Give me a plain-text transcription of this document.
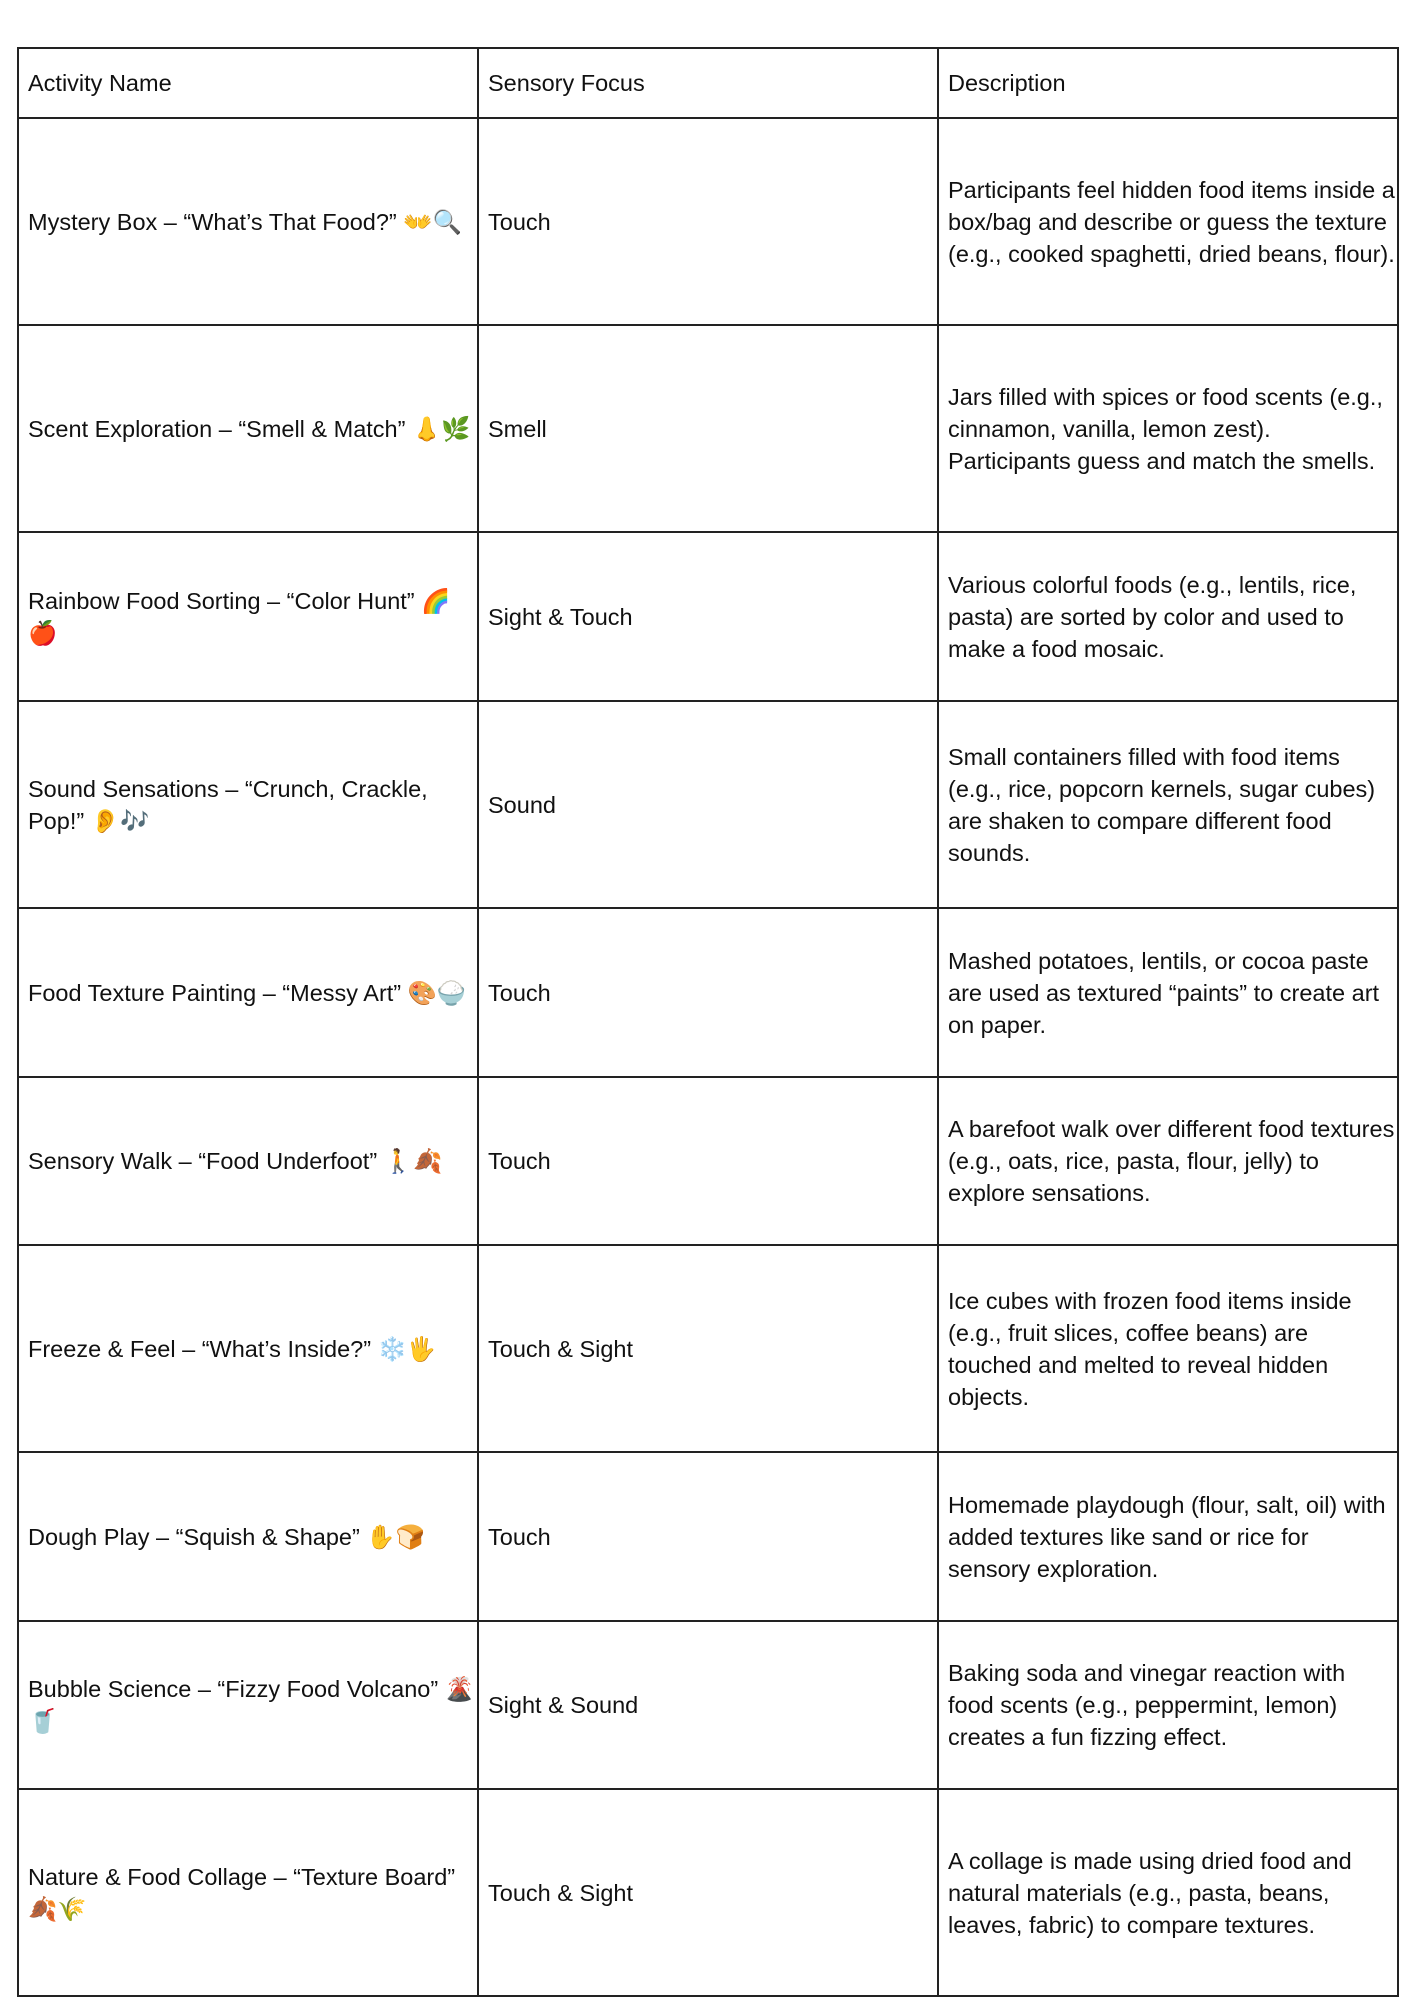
Activity Name	Sensory Focus	Description
Mystery Box – “What’s That Food?” 👐🔍	Touch	Participants feel hidden food items inside a box/bag and describe or guess the texture (e.g., cooked spaghetti, dried beans, flour).
Scent Exploration – “Smell & Match” 👃🌿	Smell	Jars filled with spices or food scents (e.g., cinnamon, vanilla, lemon zest). Participants guess and match the smells.
Rainbow Food Sorting – “Color Hunt” 🌈🍎	Sight & Touch	Various colorful foods (e.g., lentils, rice, pasta) are sorted by color and used to make a food mosaic.
Sound Sensations – “Crunch, Crackle, Pop!” 👂🎶	Sound	Small containers filled with food items (e.g., rice, popcorn kernels, sugar cubes) are shaken to compare different food sounds.
Food Texture Painting – “Messy Art” 🎨🍚	Touch	Mashed potatoes, lentils, or cocoa paste are used as textured “paints” to create art on paper.
Sensory Walk – “Food Underfoot” 🚶🍂	Touch	A barefoot walk over different food textures (e.g., oats, rice, pasta, flour, jelly) to explore sensations.
Freeze & Feel – “What’s Inside?” ❄️🖐	Touch & Sight	Ice cubes with frozen food items inside (e.g., fruit slices, coffee beans) are touched and melted to reveal hidden objects.
Dough Play – “Squish & Shape” ✋🍞	Touch	Homemade playdough (flour, salt, oil) with added textures like sand or rice for sensory exploration.
Bubble Science – “Fizzy Food Volcano” 🌋🥤	Sight & Sound	Baking soda and vinegar reaction with food scents (e.g., peppermint, lemon) creates a fun fizzing effect.
Nature & Food Collage – “Texture Board” 🍂🌾	Touch & Sight	A collage is made using dried food and natural materials (e.g., pasta, beans, leaves, fabric) to compare textures.
